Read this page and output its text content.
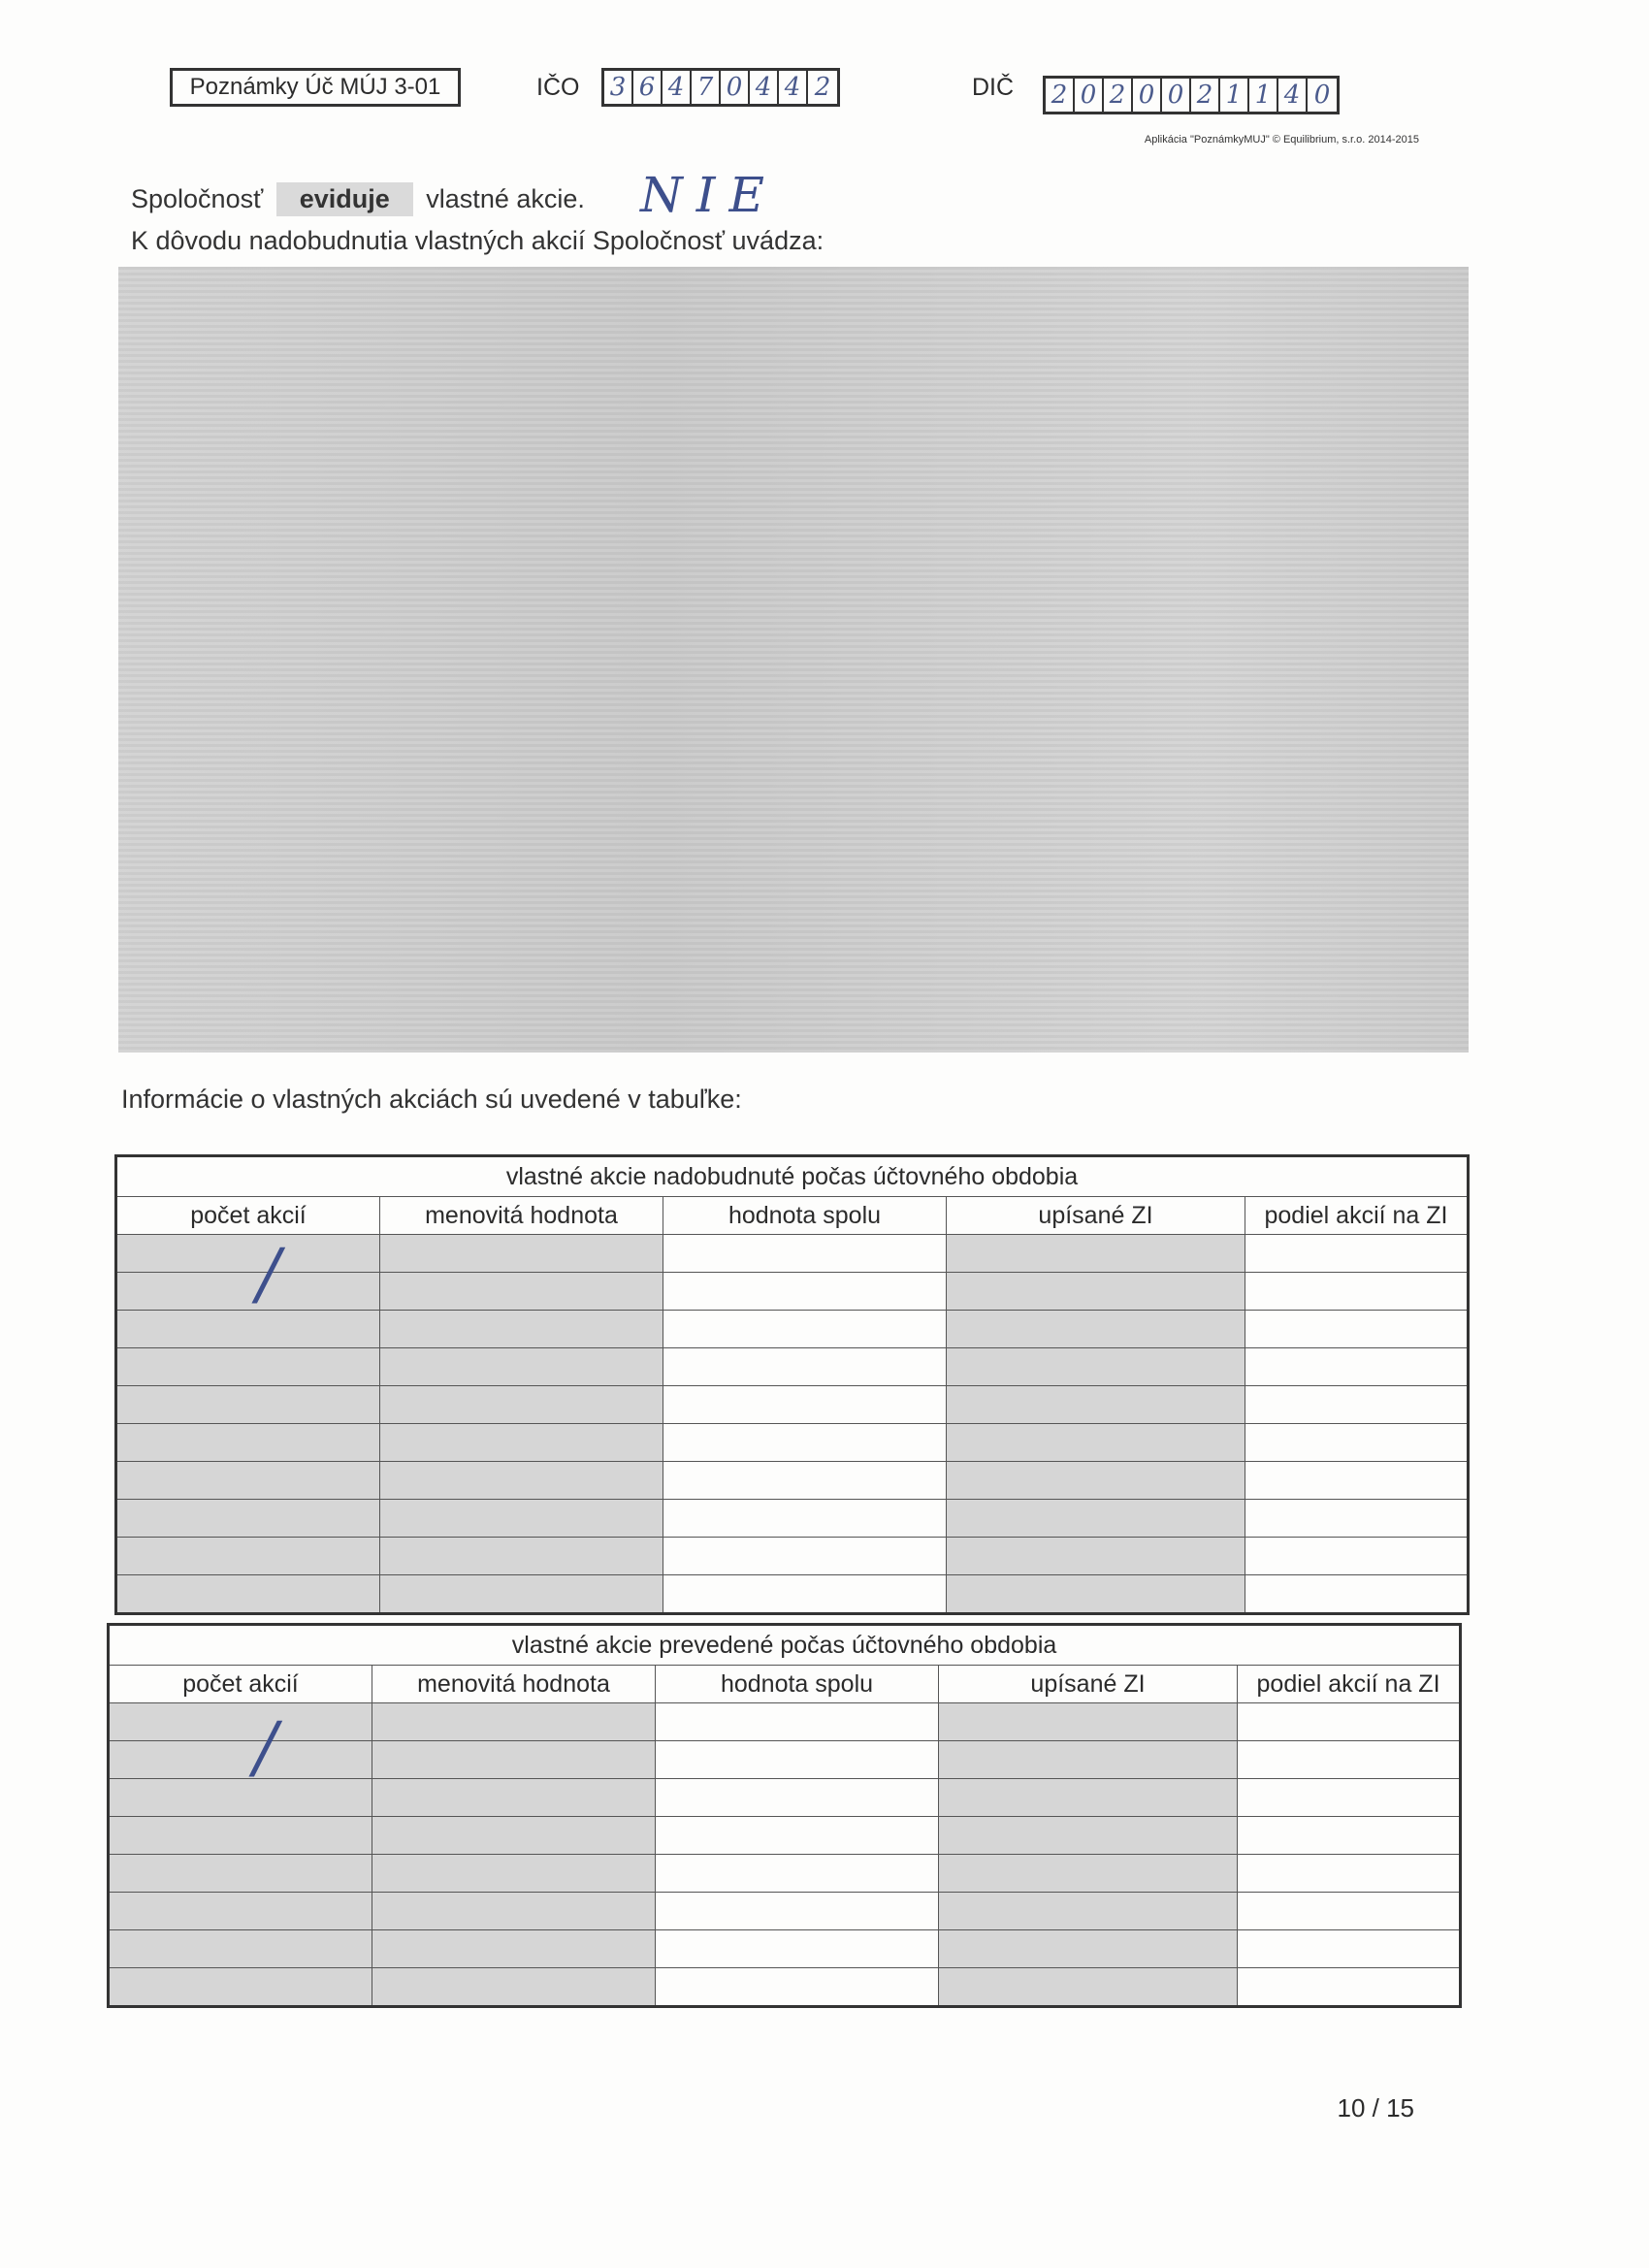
Poznámky Úč MÚJ 3-01	IČO 3 6 4 7 0 4 4 2	DIČ 2 0 2 0 0 2 1 1 4 0
Aplikácia "PoznámkyMUJ" © Equilibrium, s.r.o. 2014-2015
Spoločnosť eviduje vlastné akcie. NIE
K dôvodu nadobudnutia vlastných akcií Spoločnosť uvádza:
Informácie o vlastných akciách sú uvedené v tabuľke:
vlastné akcie nadobudnuté počas účtovného obdobia				
počet akcií	menovitá hodnota	hodnota spolu	upísané ZI	podiel akcií na ZI

/
vlastné akcie prevedené počas účtovného obdobia				
počet akcií	menovitá hodnota	hodnota spolu	upísané ZI	podiel akcií na ZI

/
10 / 15
